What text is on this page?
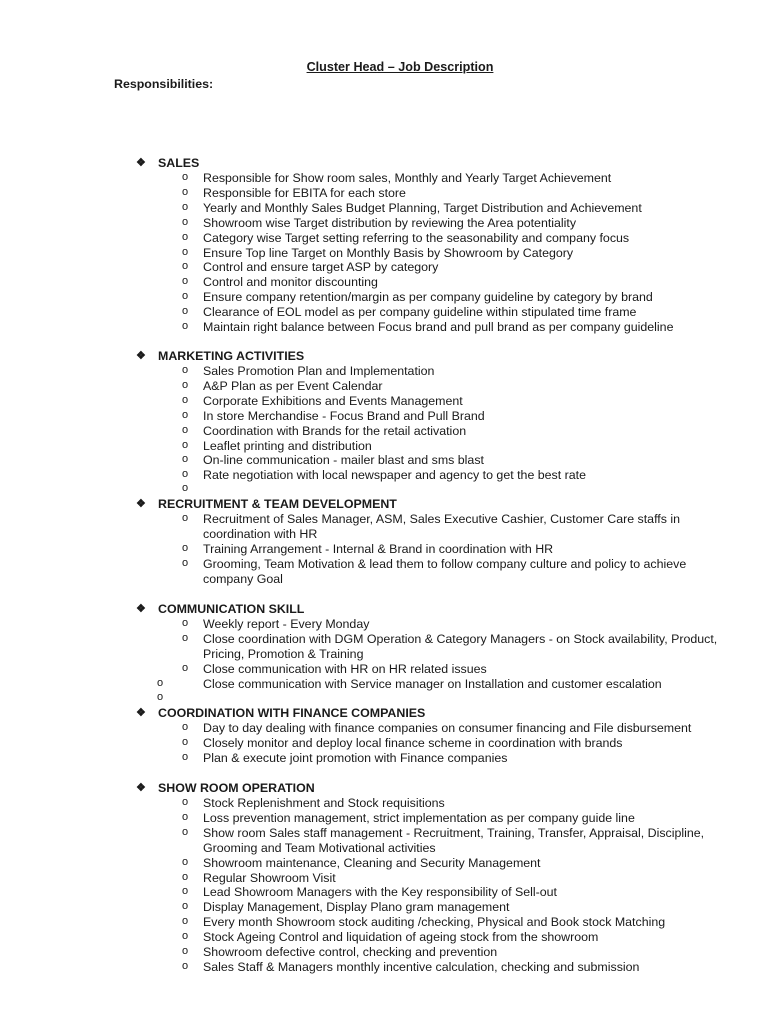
Cluster Head – Job Description
Responsibilities:
❖ SALES
o Responsible for Show room sales, Monthly and Yearly Target Achievement
o Responsible for EBITA for each store
o Yearly and Monthly Sales Budget Planning, Target Distribution and Achievement
o Showroom wise Target distribution by reviewing the Area potentiality
o Category wise Target setting referring to the seasonability and company focus
o Ensure Top line Target on Monthly Basis by Showroom by Category
o Control and ensure target ASP by category
o Control and monitor discounting
o Ensure company retention/margin as per company guideline by category by brand
o Clearance of EOL model as per company guideline within stipulated time frame
o Maintain right balance between Focus brand and pull brand as per company guideline
❖ MARKETING ACTIVITIES
o Sales Promotion Plan and Implementation
o A&P Plan as per Event Calendar
o Corporate Exhibitions and Events Management
o In store Merchandise - Focus Brand and Pull Brand
o Coordination with Brands for the retail activation
o Leaflet printing and distribution
o On-line communication - mailer blast and sms blast
o Rate negotiation with local newspaper and agency to get the best rate
o
❖ RECRUITMENT & TEAM DEVELOPMENT
o Recruitment of Sales Manager, ASM, Sales Executive Cashier, Customer Care staffs in coordination with HR
o Training Arrangement - Internal & Brand in coordination with HR
o Grooming, Team Motivation & lead them to follow company culture and policy to achieve company Goal
❖ COMMUNICATION SKILL
o Weekly report - Every Monday
o Close coordination with DGM Operation & Category Managers - on Stock availability, Product, Pricing, Promotion & Training
o Close communication with HR on HR related issues
o	Close communication with Service manager on Installation and customer escalation
o
❖ COORDINATION WITH FINANCE COMPANIES
o Day to day dealing with finance companies on consumer financing and File disbursement
o Closely monitor and deploy local finance scheme in coordination with brands
o Plan & execute joint promotion with Finance companies
❖ SHOW ROOM OPERATION
o Stock Replenishment and Stock requisitions
o Loss prevention management, strict implementation as per company guide line
o Show room Sales staff management - Recruitment, Training, Transfer, Appraisal, Discipline, Grooming and Team Motivational activities
o Showroom maintenance, Cleaning and Security Management
o Regular Showroom Visit
o Lead Showroom Managers with the Key responsibility of Sell-out
o Display Management, Display Plano gram management
o Every month Showroom stock auditing /checking, Physical and Book stock Matching
o Stock Ageing Control and liquidation of ageing stock from the showroom
o Showroom defective control, checking and prevention
o Sales Staff & Managers monthly incentive calculation, checking and submission
